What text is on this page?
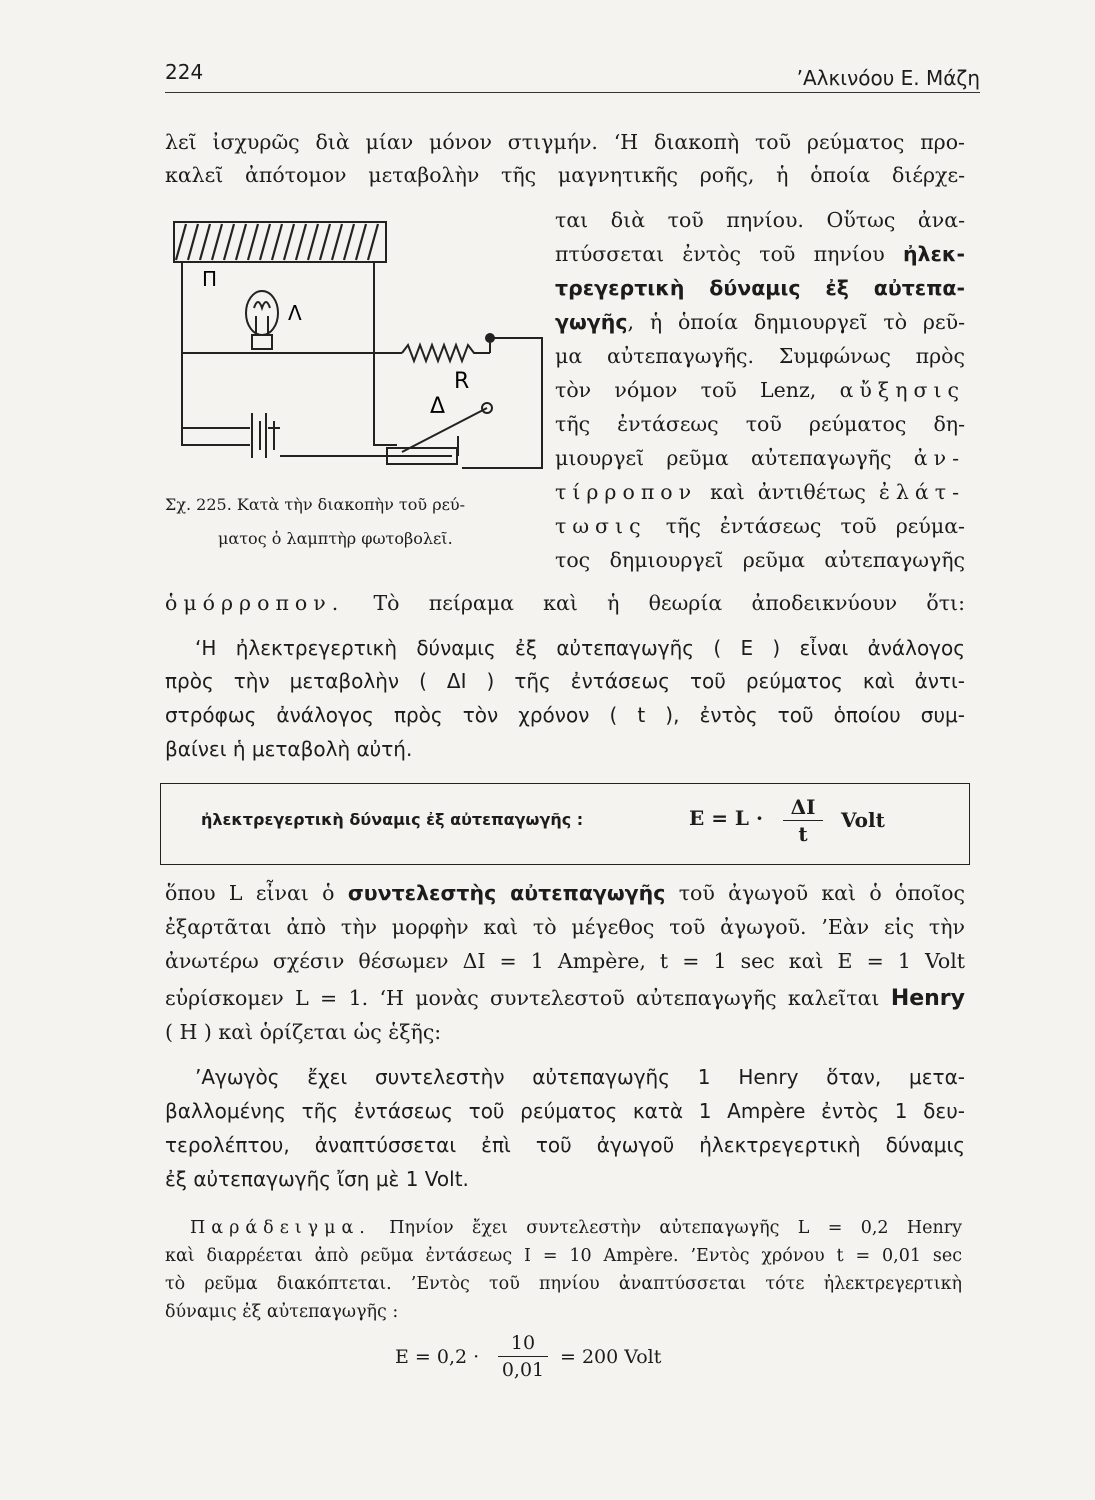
224	’Αλκινόου Ε. Μάζη
λεῖ ἰσχυρῶς διὰ μίαν μόνον στιγμήν. ‘Η διακοπὴ τοῦ ρεύματος προ-
καλεῖ ἀπότομον μεταβολὴν τῆς μαγνητικῆς ροῆς, ἡ ὁποία διέρχε-
ται διὰ τοῦ πηνίου. Οὕτως ἀνα-
πτύσσεται ἐντὸς τοῦ πηνίου ἠλεκ-
τρεγερτικὴ δύναμις ἐξ αὐτεπα-
γωγῆς, ἡ ὁποία δημιουργεῖ τὸ ρεῦ-
μα αὐτεπαγωγῆς. Συμφώνως πρὸς
τὸν νόμον τοῦ Lenz, αὔξησις
τῆς ἐντάσεως τοῦ ρεύματος δη-
μιουργεῖ ρεῦμα αὐτεπαγωγῆς ἀν-
τίρροπον καὶ ἀντιθέτως ἐλάτ-
τωσις τῆς ἐντάσεως τοῦ ρεύμα-
τος δημιουργεῖ ρεῦμα αὐτεπαγωγῆς
Π
Λ
R
Δ
Σχ. 225. Κατὰ τὴν διακοπὴν τοῦ ρεύ-
ματος ὁ λαμπτὴρ φωτοβολεῖ.
ὁμόρροπον. Τὸ πείραμα καὶ ἡ θεωρία ἀποδεικνύουν ὅτι:
‘Η ἠλεκτρεγερτικὴ δύναμις ἐξ αὐτεπαγωγῆς ( Ε ) εἶναι ἀνάλογος
πρὸς τὴν μεταβολὴν ( ΔΙ ) τῆς ἐντάσεως τοῦ ρεύματος καὶ ἀντι-
στρόφως ἀνάλογος πρὸς τὸν χρόνον ( t ), ἐντὸς τοῦ ὁποίου συμ-
βαίνει ἡ μεταβολὴ αὐτή.
ἠλεκτρεγερτικὴ δύναμις ἐξ αὐτεπαγωγῆς :	$E = L \cdot \frac{\Delta I}{t}$ Volt
ὅπου L εἶναι ὁ συντελεστὴς αὐτεπαγωγῆς τοῦ ἀγωγοῦ καὶ ὁ ὁποῖος
ἐξαρτᾶται ἀπὸ τὴν μορφὴν καὶ τὸ μέγεθος τοῦ ἀγωγοῦ. ’Εὰν εἰς τὴν
ἀνωτέρω σχέσιν θέσωμεν ΔΙ = 1 Ampère, t = 1 sec καὶ Ε = 1 Volt
εὑρίσκομεν L = 1. ‘Η μονὰς συντελεστοῦ αὐτεπαγωγῆς καλεῖται Henry
( Η ) καὶ ὁρίζεται ὡς ἑξῆς:
’Αγωγὸς ἔχει συντελεστὴν αὐτεπαγωγῆς 1 Henry ὅταν, μετα-
βαλλομένης τῆς ἐντάσεως τοῦ ρεύματος κατὰ 1 Ampère ἐντὸς 1 δευ-
τερολέπτου, ἀναπτύσσεται ἐπὶ τοῦ ἀγωγοῦ ἠλεκτρεγερτικὴ δύναμις
ἐξ αὐτεπαγωγῆς ἴση μὲ 1 Volt.
Παράδειγμα. Πηνίον ἔχει συντελεστὴν αὐτεπαγωγῆς L = 0,2 Henry
καὶ διαρρέεται ἀπὸ ρεῦμα ἐντάσεως Ι = 10 Ampère. ’Εντὸς χρόνου t = 0,01 sec
τὸ ρεῦμα διακόπτεται. ’Εντὸς τοῦ πηνίου ἀναπτύσσεται τότε ἠλεκτρεγερτικὴ
δύναμις ἐξ αὐτεπαγωγῆς :
$E = 0,2 \cdot \frac{10}{0,01} = 200$ Volt
